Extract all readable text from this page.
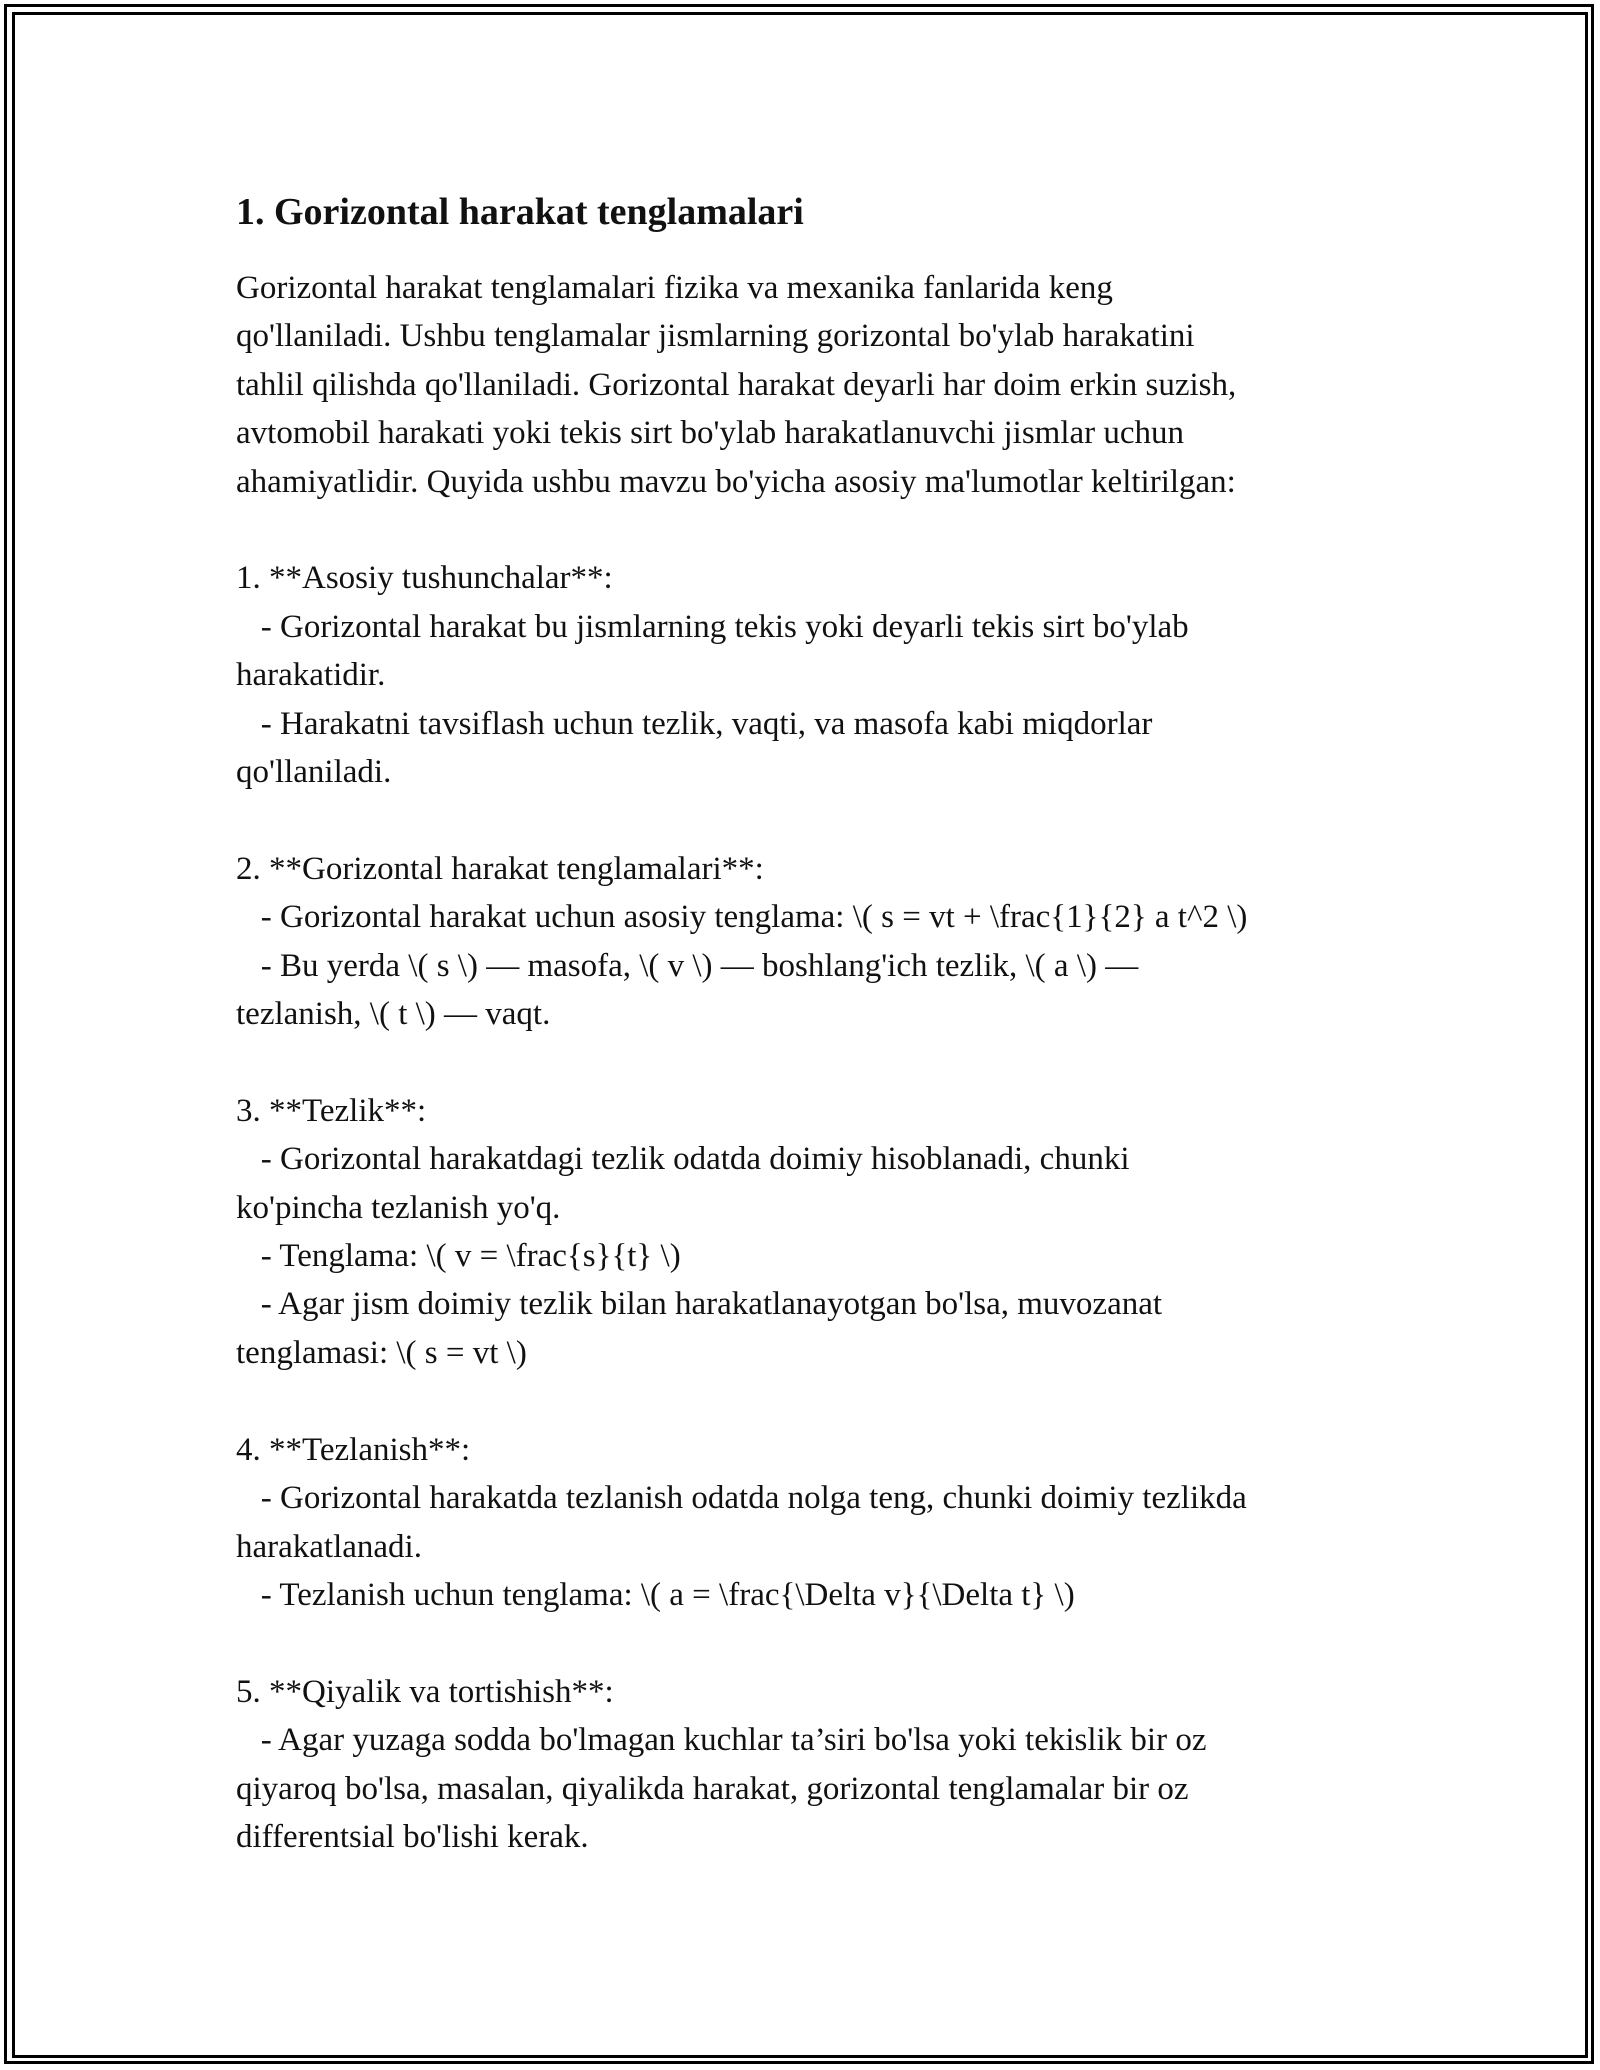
1. Gorizontal harakat tenglamalari
Gorizontal harakat tenglamalari fizika va mexanika fanlarida keng
qo'llaniladi. Ushbu tenglamalar jismlarning gorizontal bo'ylab harakatini
tahlil qilishda qo'llaniladi. Gorizontal harakat deyarli har doim erkin suzish,
avtomobil harakati yoki tekis sirt bo'ylab harakatlanuvchi jismlar uchun
ahamiyatlidir. Quyida ushbu mavzu bo'yicha asosiy ma'lumotlar keltirilgan:
1. **Asosiy tushunchalar**:
- Gorizontal harakat bu jismlarning tekis yoki deyarli tekis sirt bo'ylab
harakatidir.
- Harakatni tavsiflash uchun tezlik, vaqti, va masofa kabi miqdorlar
qo'llaniladi.
2. **Gorizontal harakat tenglamalari**:
- Gorizontal harakat uchun asosiy tenglama: \( s = vt + \frac{1}{2} a t^2 \)
- Bu yerda \( s \) — masofa, \( v \) — boshlang'ich tezlik, \( a \) —
tezlanish, \( t \) — vaqt.
3. **Tezlik**:
- Gorizontal harakatdagi tezlik odatda doimiy hisoblanadi, chunki
ko'pincha tezlanish yo'q.
- Tenglama: \( v = \frac{s}{t} \)
- Agar jism doimiy tezlik bilan harakatlanayotgan bo'lsa, muvozanat
tenglamasi: \( s = vt \)
4. **Tezlanish**:
- Gorizontal harakatda tezlanish odatda nolga teng, chunki doimiy tezlikda
harakatlanadi.
- Tezlanish uchun tenglama: \( a = \frac{\Delta v}{\Delta t} \)
5. **Qiyalik va tortishish**:
- Agar yuzaga sodda bo'lmagan kuchlar ta’siri bo'lsa yoki tekislik bir oz
qiyaroq bo'lsa, masalan, qiyalikda harakat, gorizontal tenglamalar bir oz
differentsial bo'lishi kerak.
